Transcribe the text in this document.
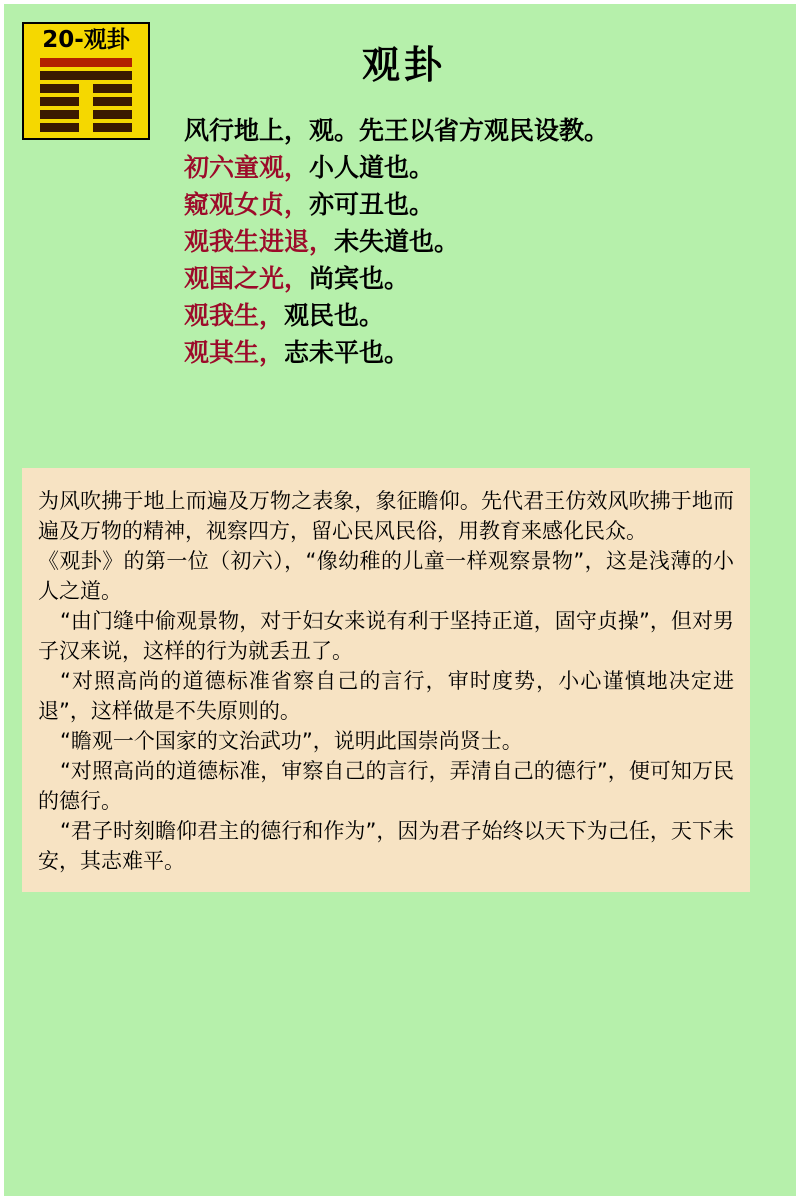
20-观卦
观卦
风行地上，观。先王以省方观民设教。
初六童观，小人道也。
窥观女贞，亦可丑也。
观我生进退，未失道也。
观国之光，尚宾也。
观我生，观民也。
观其生，志未平也。

为风吹拂于地上而遍及万物之表象，象征瞻仰。先代君王仿效风吹拂于地而遍及万物的精神，视察四方，留心民风民俗，用教育来感化民众。

《观卦》的第一位（初六），“像幼稚的儿童一样观察景物”，这是浅薄的小人之道。

“由门缝中偷观景物，对于妇女来说有利于坚持正道，固守贞操”，但对男子汉来说，这样的行为就丢丑了。

“对照高尚的道德标准省察自己的言行，审时度势，小心谨慎地决定进退”，这样做是不失原则的。

“瞻观一个国家的文治武功”，说明此国崇尚贤士。

“对照高尚的道德标准，审察自己的言行，弄清自己的德行”，便可知万民的德行。

“君子时刻瞻仰君主的德行和作为”，因为君子始终以天下为己任，天下未安，其志难平。
